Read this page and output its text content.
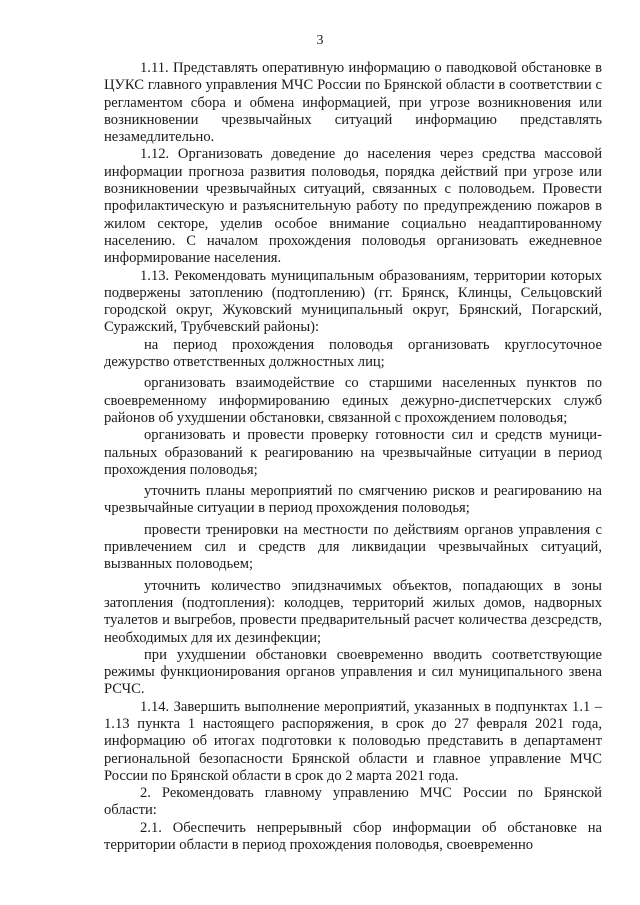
3

1.11. Представлять оперативную информацию о паводковой обстановке в ЦУКС главного управления МЧС России по Брянской области в соответствии с регламентом сбора и обмена информацией, при угрозе возникновения или возникновении чрезвычайных ситуаций информацию представлять незамедлительно.

1.12. Организовать доведение до населения через средства массовой информации прогноза развития половодья, порядка действий при угрозе или возникновении чрезвычайных ситуаций, связанных с половодьем. Провести профилактическую и разъяснительную работу по предупреждению пожаров в жилом секторе, уделив особое внимание социально неадаптированному населению. С началом прохождения половодья организовать ежедневное информирование населения.

1.13. Рекомендовать муниципальным образованиям, территории которых подвержены затоплению (подтоплению) (гг. Брянск, Клинцы, Сельцовский городской округ, Жуковский муниципальный округ, Брянский, Погарский, Суражский, Трубчевский районы):

на период прохождения половодья организовать круглосуточное дежурство ответственных должностных лиц;

организовать взаимодействие со старшими населенных пунктов по своевременному информированию единых дежурно-диспетчерских служб районов об ухудшении обстановки, связанной с прохождением половодья;

организовать и провести проверку готовности сил и средств муниципальных образований к реагированию на чрезвычайные ситуации в период прохождения половодья;

уточнить планы мероприятий по смягчению рисков и реагированию на чрезвычайные ситуации в период прохождения половодья;

провести тренировки на местности по действиям органов управления с привлечением сил и средств для ликвидации чрезвычайных ситуаций, вызванных половодьем;

уточнить количество эпидзначимых объектов, попадающих в зоны затопления (подтопления): колодцев, территорий жилых домов, надворных туалетов и выгребов, провести предварительный расчет количества дезсредств, необходимых для их дезинфекции;

при ухудшении обстановки своевременно вводить соответствующие режимы функционирования органов управления и сил муниципального звена РСЧС.

1.14. Завершить выполнение мероприятий, указанных в подпунктах 1.1 – 1.13 пункта 1 настоящего распоряжения, в срок до 27 февраля 2021 года, информацию об итогах подготовки к половодью представить в департамент региональной безопасности Брянской области и главное управление МЧС России по Брянской области в срок до 2 марта 2021 года.

2. Рекомендовать главному управлению МЧС России по Брянской области:

2.1. Обеспечить непрерывный сбор информации об обстановке на территории области в период прохождения половодья, своевременно
